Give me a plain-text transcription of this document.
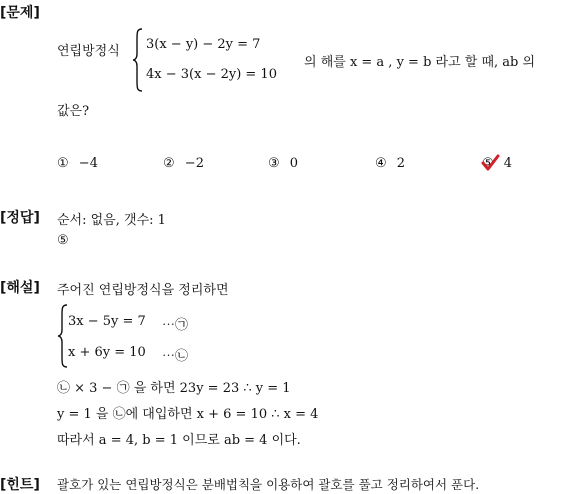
[문제]
연립방정식 3(x − y) − 2y = 7
4x − 3(x − 2y) = 10
의 해를 x = a , y = b 라고 할 때, ab 의
값은?
① −4	② −2	③ 0	④ 2	⑤ 4
[정답] 순서: 없음, 갯수: 1
⑤
[해설] 주어진 연립방정식을 정리하면
3x − 5y = 7 ⋯㉠
x + 6y = 10 ⋯㉡
㉡ × 3 − ㉠ 을 하면 23y = 23 ∴ y = 1
y = 1 을 ㉡에 대입하면 x + 6 = 10 ∴ x = 4
따라서 a = 4, b = 1 이므로 ab = 4 이다.
[힌트] 괄호가 있는 연립방정식은 분배법칙을 이용하여 괄호를 풀고 정리하여서 푼다.
